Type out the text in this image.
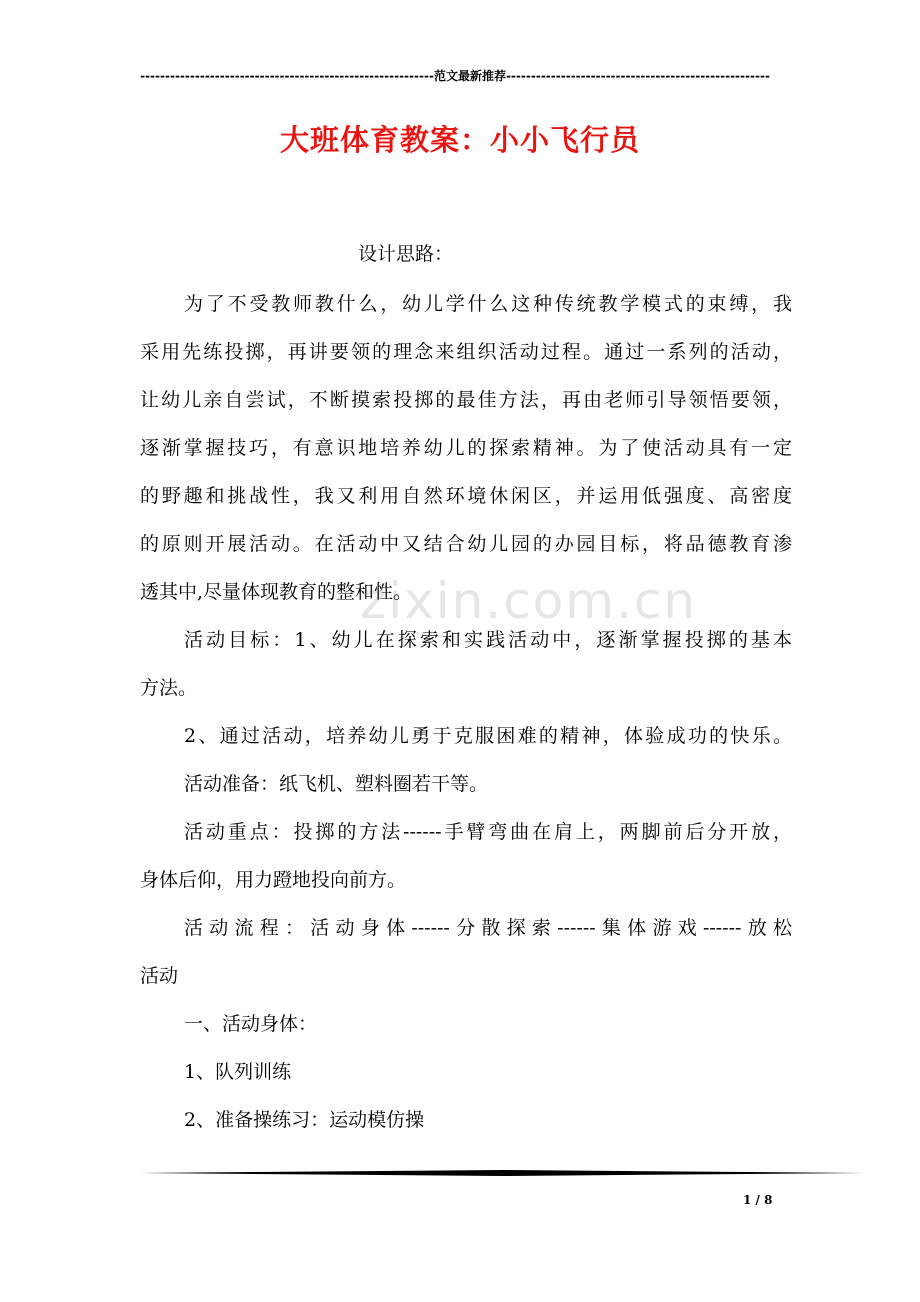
-----------------------------------------------------------范文最新推荐-----------------------------------------------------
大班体育教案：小小飞行员
zixin.com.cn
设计思路：
为了不受教师教什么，幼儿学什么这种传统教学模式的束缚，我
采用先练投掷，再讲要领的理念来组织活动过程。通过一系列的活动，
让幼儿亲自尝试，不断摸索投掷的最佳方法，再由老师引导领悟要领，
逐渐掌握技巧，有意识地培养幼儿的探索精神。为了使活动具有一定
的野趣和挑战性，我又利用自然环境休闲区，并运用低强度、高密度
的原则开展活动。在活动中又结合幼儿园的办园目标，将品德教育渗
透其中,尽量体现教育的整和性。
活动目标：1、幼儿在探索和实践活动中，逐渐掌握投掷的基本
方法。
2、通过活动，培养幼儿勇于克服困难的精神，体验成功的快乐。
活动准备：纸飞机、塑料圈若干等。
活动重点：投掷的方法------手臂弯曲在肩上，两脚前后分开放，
身体后仰，用力蹬地投向前方。
活动流程：活动身体------分散探索------集体游戏------放松
活动
一、活动身体：
1、队列训练
2、准备操练习：运动模仿操
1 / 8
